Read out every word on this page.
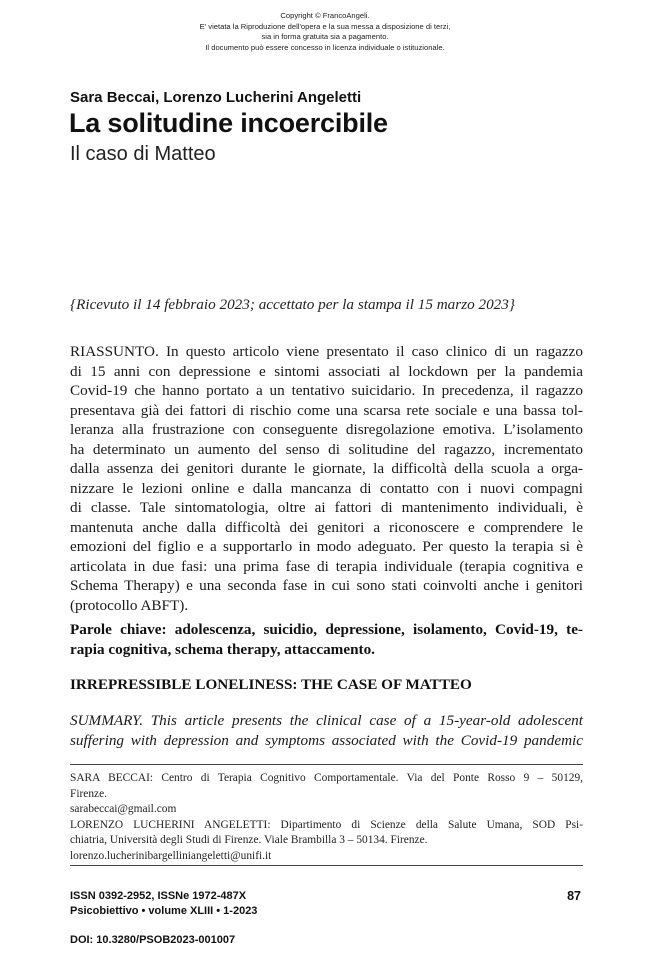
Copyright © FrancoAngeli.
E' vietata la Riproduzione dell'opera e la sua messa a disposizione di terzi,
sia in forma gratuita sia a pagamento.
Il documento può essere concesso in licenza individuale o istituzionale.
Sara Beccai, Lorenzo Lucherini Angeletti
La solitudine incoercibile
Il caso di Matteo
{Ricevuto il 14 febbraio 2023; accettato per la stampa il 15 marzo 2023}
RIASSUNTO. In questo articolo viene presentato il caso clinico di un ragazzo
di 15 anni con depressione e sintomi associati al lockdown per la pandemia
Covid-19 che hanno portato a un tentativo suicidario. In precedenza, il ragazzo
presentava già dei fattori di rischio come una scarsa rete sociale e una bassa tol-
leranza alla frustrazione con conseguente disregolazione emotiva. L’isolamento
ha determinato un aumento del senso di solitudine del ragazzo, incrementato
dalla assenza dei genitori durante le giornate, la difficoltà della scuola a orga-
nizzare le lezioni online e dalla mancanza di contatto con i nuovi compagni
di classe. Tale sintomatologia, oltre ai fattori di mantenimento individuali, è
mantenuta anche dalla difficoltà dei genitori a riconoscere e comprendere le
emozioni del figlio e a supportarlo in modo adeguato. Per questo la terapia si è
articolata in due fasi: una prima fase di terapia individuale (terapia cognitiva e
Schema Therapy) e una seconda fase in cui sono stati coinvolti anche i genitori
(protocollo ABFT).
Parole chiave: adolescenza, suicidio, depressione, isolamento, Covid-19, te-
rapia cognitiva, schema therapy, attaccamento.
IRREPRESSIBLE LONELINESS: THE CASE OF MATTEO
SUMMARY. This article presents the clinical case of a 15-year-old adolescent
suffering with depression and symptoms associated with the Covid-19 pandemic
SARA BECCAI: Centro di Terapia Cognitivo Comportamentale. Via del Ponte Rosso 9 – 50129,
Firenze.
sarabeccai@gmail.com
LORENZO LUCHERINI ANGELETTI: Dipartimento di Scienze della Salute Umana, SOD Psi-
chiatria, Università degli Studi di Firenze. Viale Brambilla 3 – 50134. Firenze.
lorenzo.lucherinibargelliniangeletti@unifi.it
ISSN 0392-2952, ISSNe 1972-487X
Psicobiettivo • volume XLIII • 1-2023
87
DOI: 10.3280/PSOB2023-001007
